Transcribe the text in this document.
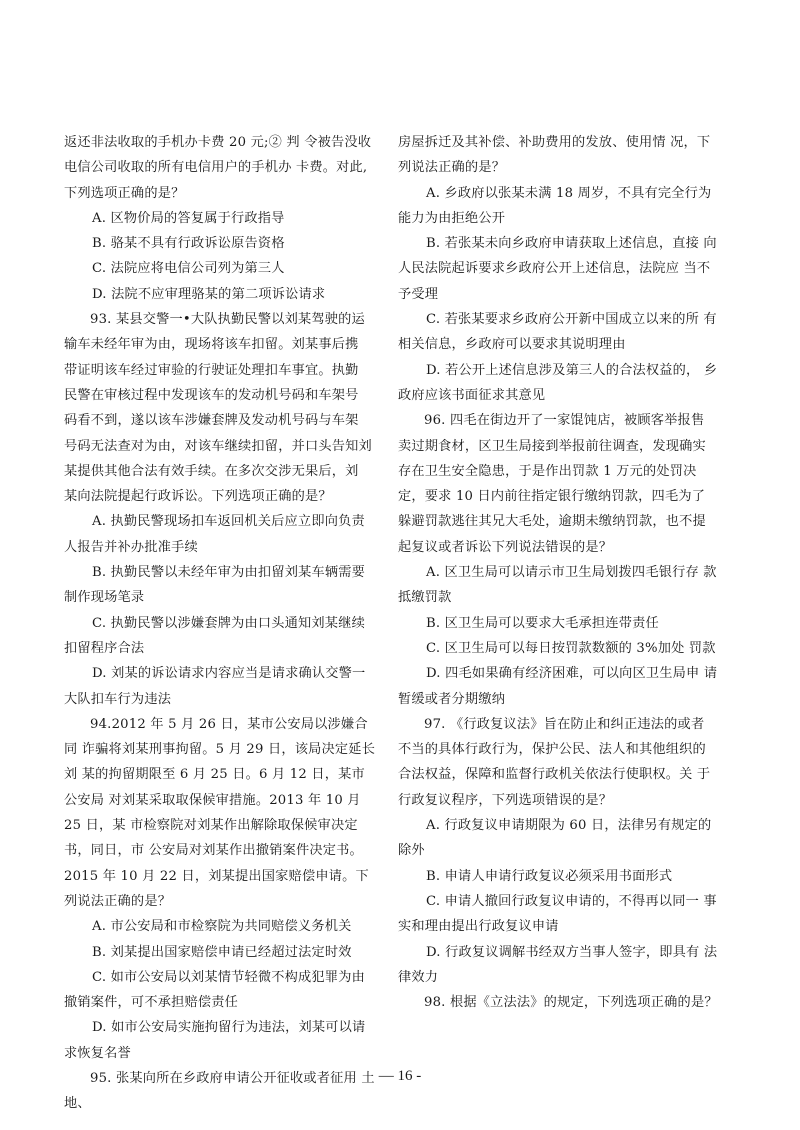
返还非法收取的手机办卡费 20 元;② 判 令被告没收电信公司收取的所有电信用户的手机办 卡费。对此, 下列选项正确的是？

A. 区物价局的答复属于行政指导

B. 骆某不具有行政诉讼原告资格

C. 法院应将电信公司列为第三人

D. 法院不应审理骆某的第二项诉讼请求

93. 某县交警一•大队执勤民警以刘某驾驶的运 输车未经年审为由，现场将该车扣留。刘某事后携 带证明该车经过审验的行驶证处理扣车事宜。执勤 民警在审核过程中发现该车的发动机号码和车架号 码看不到，遂以该车涉嫌套牌及发动机号码与车架 号码无法查对为由，对该车继续扣留，并口头告知刘 某提供其他合法有效手续。在多次交涉无果后，刘 某向法院提起行政诉讼。下列选项正确的是？

A. 执勤民警现场扣车返回机关后应立即向负责 人报告并补办批准手续

B. 执勤民警以未经年审为由扣留刘某车辆需要 制作现场笔录

C. 执勤民警以涉嫌套牌为由口头通知刘某继续 扣留程序合法

D. 刘某的诉讼请求内容应当是请求确认交警一 大队扣车行为违法

94.2012 年 5 月 26 日，某市公安局以涉嫌合同 诈骗将刘某刑事拘留。5 月 29 日，该局决定延长刘 某的拘留期限至 6 月 25 日。6 月 12 日，某市公安局 对刘某采取取保候审措施。2013 年 10 月 25 日，某 市检察院对刘某作出解除取保候审决定书，同日，市 公安局对刘某作出撤销案件决定书。2015 年 10 月 22 日，刘某提出国家赔偿申请。下列说法正确的是？

A. 市公安局和市检察院为共同赔偿义务机关

B. 刘某提出国家赔偿申请已经超过法定时效

C. 如市公安局以刘某情节轻微不构成犯罪为由 撤销案件，可不承担赔偿责任

D. 如市公安局实施拘留行为违法，刘某可以请 求恢复名誉

95. 张某向所在乡政府申请公开征收或者征用 土地、

房屋拆迁及其补偿、补助费用的发放、使用情 况，下列说法正确的是？

A. 乡政府以张某未满 18 周岁，不具有完全行为 能力为由拒绝公开

B. 若张某未向乡政府申请获取上述信息，直接 向人民法院起诉要求乡政府公开上述信息，法院应 当不予受理

C. 若张某要求乡政府公开新中国成立以来的所 有相关信息，乡政府可以要求其说明理由

D. 若公开上述信息涉及第三人的合法权益的， 乡政府应该书面征求其意见

96. 四毛在街边开了一家馄饨店，被顾客举报售 卖过期食材，区卫生局接到举报前往调查，发现确实 存在卫生安全隐患，于是作出罚款 1 万元的处罚决 定，要求 10 日内前往指定银行缴纳罚款，四毛为了 躲避罚款逃往其兄大毛处，逾期未缴纳罚款，也不提 起复议或者诉讼下列说法错误的是？

A. 区卫生局可以请示市卫生局划拨四毛银行存 款抵缴罚款

B. 区卫生局可以要求大毛承担连带责任

C. 区卫生局可以每日按罚款数额的 3%加处 罚款

D. 四毛如果确有经济困难，可以向区卫生局申 请暂缓或者分期缴纳

97. 《行政复议法》旨在防止和纠正违法的或者 不当的具体行政行为，保护公民、法人和其他组织的 合法权益，保障和监督行政机关依法行使职权。关 于行政复议程序，下列选项错误的是？

A. 行政复议申请期限为 60 日，法律另有规定的 除外

B. 申请人申请行政复议必须采用书面形式

C. 申请人撤回行政复议申请的，不得再以同一 事实和理由提出行政复议申请

D. 行政复议调解书经双方当事人签字，即具有 法律效力

98. 根据《立法法》的规定，下列选项正确的是？

— 16 -
